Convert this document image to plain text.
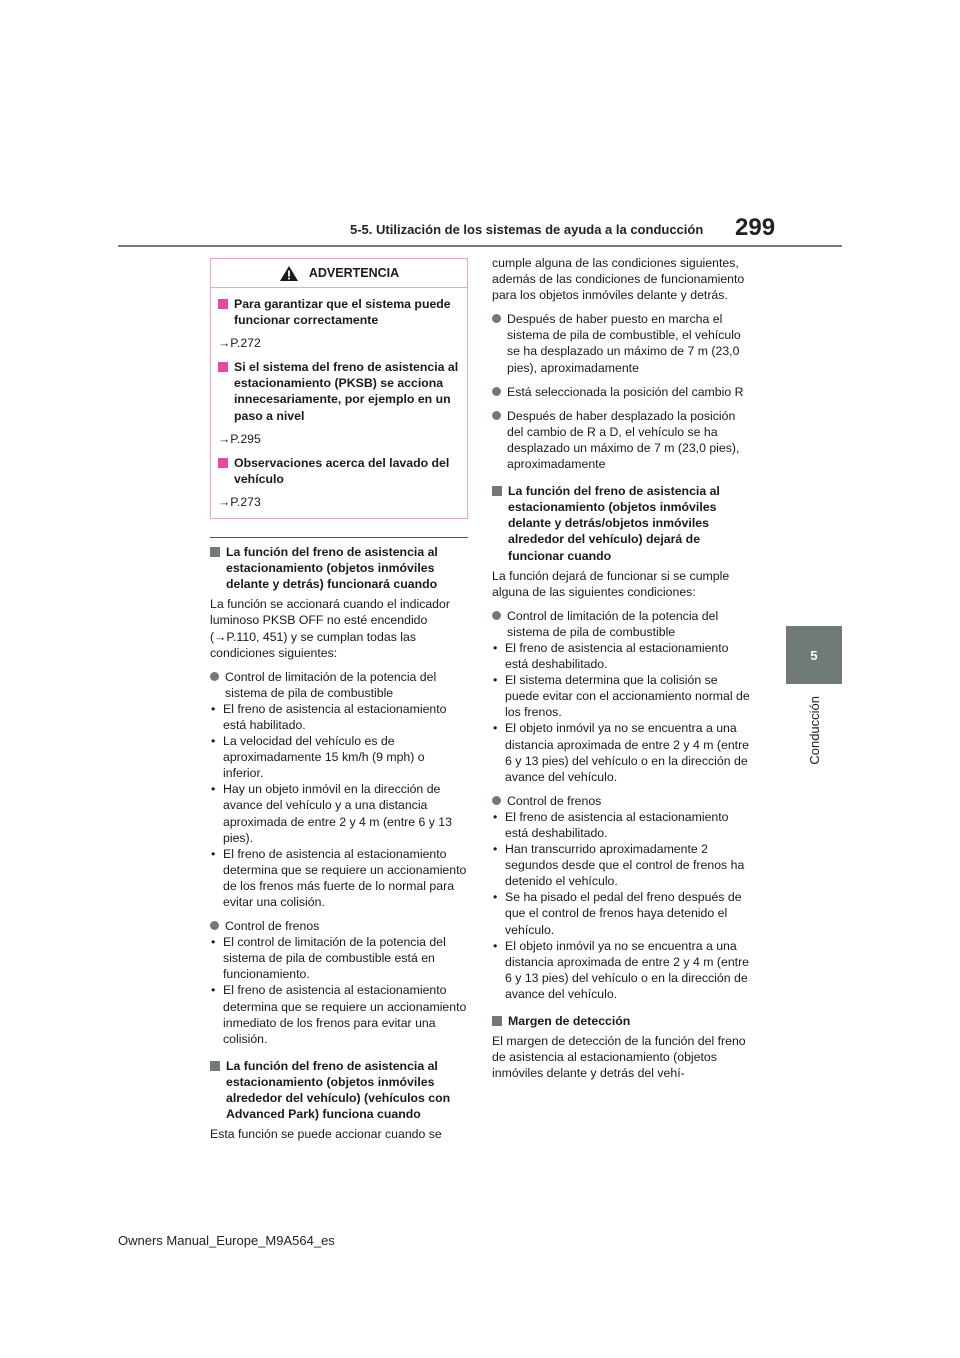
5-5. Utilización de los sistemas de ayuda a la conducción 299
5
Conducción
ADVERTENCIA
Para garantizar que el sistema puede funcionar correctamente

→P.272

Si el sistema del freno de asistencia al estacionamiento (PKSB) se acciona innecesariamente, por ejemplo en un paso a nivel

→P.295

Observaciones acerca del lavado del vehículo

→P.273

La función del freno de asistencia al estacionamiento (objetos inmóviles delante y detrás) funcionará cuando

La función se accionará cuando el indicador luminoso PKSB OFF no esté encendido (→P.110, 451) y se cumplan todas las condiciones siguientes:

Control de limitación de la potencia del sistema de pila de combustible
• El freno de asistencia al estacionamiento está habilitado.
• La velocidad del vehículo es de aproximadamente 15 km/h (9 mph) o inferior.
• Hay un objeto inmóvil en la dirección de avance del vehículo y a una distancia aproximada de entre 2 y 4 m (entre 6 y 13 pies).
• El freno de asistencia al estacionamiento determina que se requiere un accionamiento de los frenos más fuerte de lo normal para evitar una colisión.
Control de frenos
• El control de limitación de la potencia del sistema de pila de combustible está en funcionamiento.
• El freno de asistencia al estacionamiento determina que se requiere un accionamiento inmediato de los frenos para evitar una colisión.
La función del freno de asistencia al estacionamiento (objetos inmóviles alrededor del vehículo) (vehículos con Advanced Park) funciona cuando

Esta función se puede accionar cuando se

cumple alguna de las condiciones siguientes, además de las condiciones de funcionamiento para los objetos inmóviles delante y detrás.

Después de haber puesto en marcha el sistema de pila de combustible, el vehículo se ha desplazado un máximo de 7 m (23,0 pies), aproximadamente
Está seleccionada la posición del cambio R
Después de haber desplazado la posición del cambio de R a D, el vehículo se ha desplazado un máximo de 7 m (23,0 pies), aproximadamente
La función del freno de asistencia al estacionamiento (objetos inmóviles delante y detrás/objetos inmóviles alrededor del vehículo) dejará de funcionar cuando

La función dejará de funcionar si se cumple alguna de las siguientes condiciones:

Control de limitación de la potencia del sistema de pila de combustible
• El freno de asistencia al estacionamiento está deshabilitado.
• El sistema determina que la colisión se puede evitar con el accionamiento normal de los frenos.
• El objeto inmóvil ya no se encuentra a una distancia aproximada de entre 2 y 4 m (entre 6 y 13 pies) del vehículo o en la dirección de avance del vehículo.
Control de frenos
• El freno de asistencia al estacionamiento está deshabilitado.
• Han transcurrido aproximadamente 2 segundos desde que el control de frenos ha detenido el vehículo.
• Se ha pisado el pedal del freno después de que el control de frenos haya detenido el vehículo.
• El objeto inmóvil ya no se encuentra a una distancia aproximada de entre 2 y 4 m (entre 6 y 13 pies) del vehículo o en la dirección de avance del vehículo.
Margen de detección

El margen de detección de la función del freno de asistencia al estacionamiento (objetos inmóviles delante y detrás del vehí-

Owners Manual_Europe_M9A564_es
